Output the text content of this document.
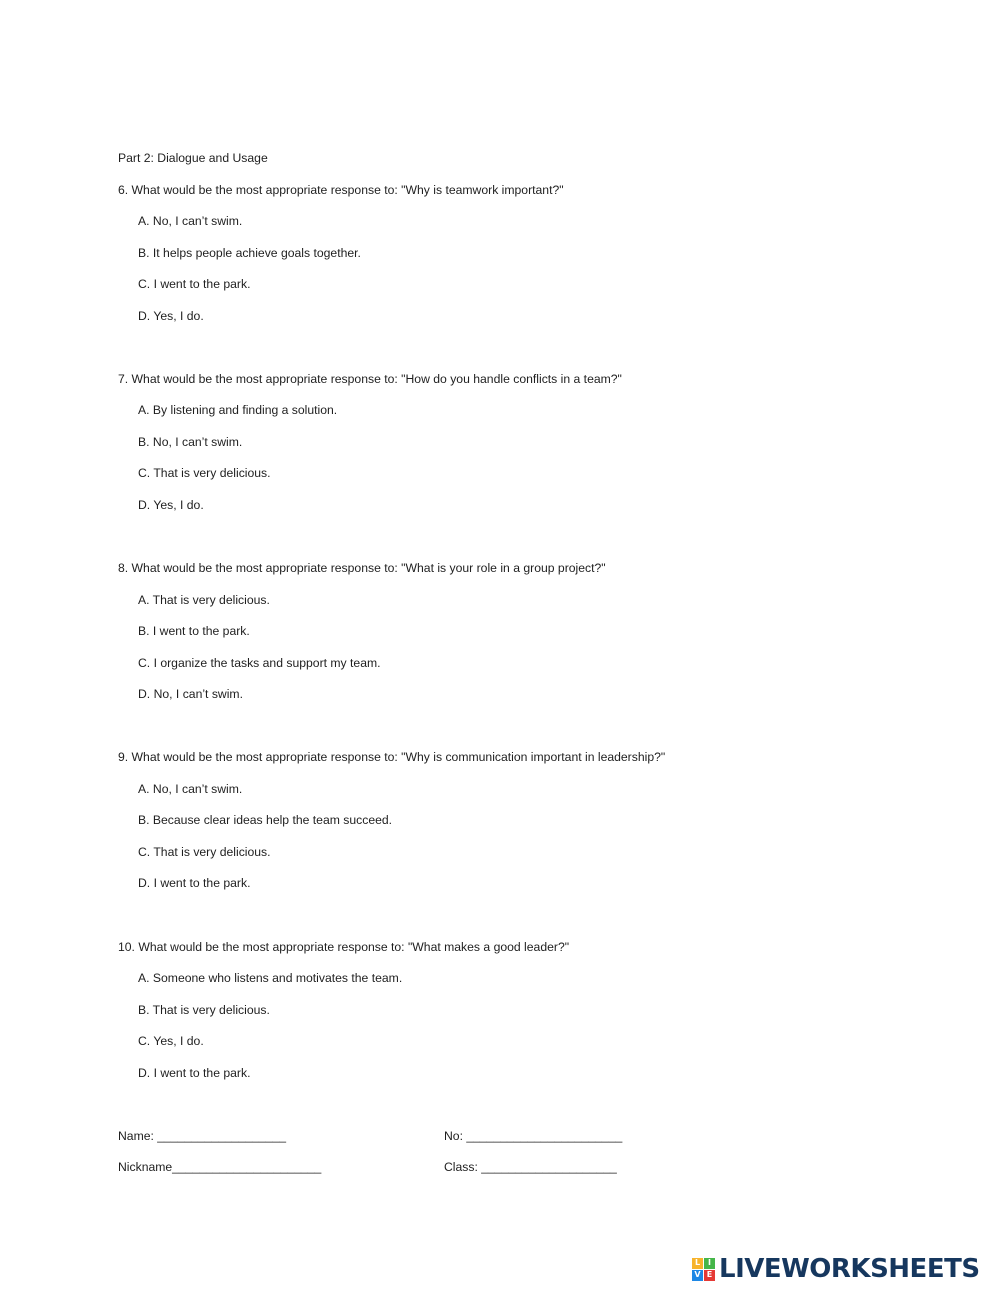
Part 2: Dialogue and Usage
6. What would be the most appropriate response to: "Why is teamwork important?"
A. No, I can’t swim.
B. It helps people achieve goals together.
C. I went to the park.
D. Yes, I do.
7. What would be the most appropriate response to: "How do you handle conflicts in a team?"
A. By listening and finding a solution.
B. No, I can’t swim.
C. That is very delicious.
D. Yes, I do.
8. What would be the most appropriate response to: "What is your role in a group project?"
A. That is very delicious.
B. I went to the park.
C. I organize the tasks and support my team.
D. No, I can’t swim.
9. What would be the most appropriate response to: "Why is communication important in leadership?"
A. No, I can’t swim.
B. Because clear ideas help the team succeed.
C. That is very delicious.
D. I went to the park.
10. What would be the most appropriate response to: "What makes a good leader?"
A. Someone who listens and motivates the team.
B. That is very delicious.
C. Yes, I do.
D. I went to the park.
Name: ___________________	No: _______________________
Nickname______________________	Class: ____________________
L I
V E LIVEWORKSHEETS
